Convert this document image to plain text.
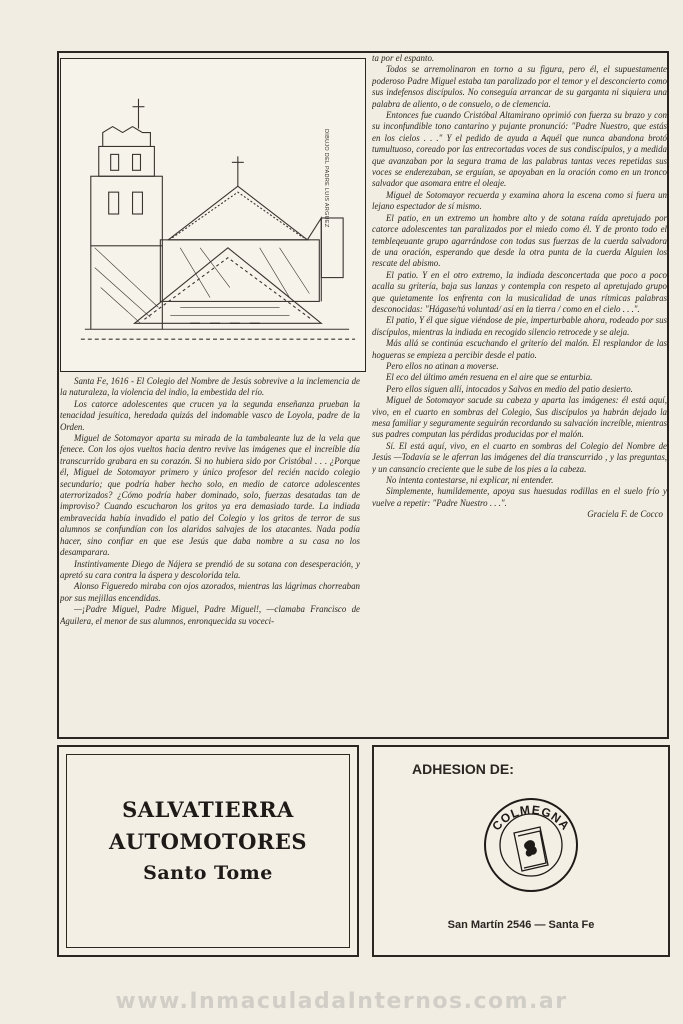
DIBUJO DEL PADRE LUIS ARGUEZ

Santa Fe, 1616 - El Colegio del Nombre de Jesús sobrevive a la inclemencia de la naturaleza, la violencia del indio, la embestida del río.

Los catorce adolescentes que crucen ya la segunda enseñanza prueban la tenacidad jesuítica, heredada quizás del indomable vasco de Loyola, padre de la Orden.

Miguel de Sotomayor aparta su mirada de la tambaleante luz de la vela que fenece. Con los ojos vueltos hacia dentro revive las imágenes que el increíble día transcurrido grabara en su corazón. Si no hubiera sido por Cristóbal . . . ¿Porque él, Miguel de Sotomayor primero y único profesor del recién nacido colegio secundario; que podría haber hecho solo, en medio de catorce adolescentes aterrorizados? ¿Cómo podría haber dominado, solo, fuerzas desatadas tan de improviso? Cuando escucharon los gritos ya era demasiado tarde. La indiada embravecida había invadido el patio del Colegio y los gritos de terror de sus alumnos se confundían con los alaridos salvajes de los atacantes. Nada podía hacer, sino confiar en que ese Jesús que daba nombre a su casa no los desamparara.

Instintivamente Diego de Nájera se prendió de su sotana con desesperación, y apretó su cara contra la áspera y descolorida tela.

Alonso Figueredo miraba con ojos azorados, mientras las lágrimas chorreaban por sus mejillas encendidas.

—¡Padre Miguel, Padre Miguel, Padre Miguel!, —clamaba Francisco de Aguilera, el menor de sus alumnos, enronquecida su voceci-

ta por el espanto.

Todos se arremolinaron en torno a su figura, pero él, el supuestamente poderoso Padre Miguel estaba tan paralizado por el temor y el desconcierto como sus indefensos discípulos. No conseguía arrancar de su garganta ni siquiera una palabra de aliento, o de consuelo, o de clemencia.

Entonces fue cuando Cristóbal Altamirano oprimió con fuerza su brazo y con su inconfundible tono cantarino y pujante pronunció: "Padre Nuestro, que estás en los cielos . . ." Y el pedido de ayuda a Aquél que nunca abandona brotó tumultuoso, coreado por las entrecortadas voces de sus condiscípulos, y a medida que avanzaban por la segura trama de las palabras tantas veces repetidas sus voces se enderezaban, se erguían, se apoyaban en la oración como en un tronco salvador que asomara entre el oleaje.

Miguel de Sotomayor recuerda y examina ahora la escena como si fuera un lejano espectador de sí mismo.

El patio, en un extremo un hombre alto y de sotana raída apretujado por catorce adolescentes tan paralizados por el miedo como él. Y de pronto todo el tembleqeuante grupo agarrándose con todas sus fuerzas de la cuerda salvadora de una oración, esperando que desde la otra punta de la cuerda Alguien los rescate del abismo.

El patio. Y en el otro extremo, la indiada desconcertada que poco a poco acalla su gritería, baja sus lanzas y contempla con respeto al apretujado grupo que quietamente los enfrenta con la musicalidad de unas rítmicas palabras desconocidas: "Hágase/tú voluntad/ así en la tierra / como en el cielo . . .".

El patio, Y él que sigue viéndose de pie, imperturbable ahora, rodeado por sus discípulos, mientras la indiada en recogido silencio retrocede y se aleja.

Más allá se continúa escuchando el griterío del malón. El resplandor de las hogueras se empieza a percibir desde el patio.

Pero ellos no atinan a moverse.

El eco del último amén resuena en el aire que se enturbia.

Pero ellos siguen allí, intocados y Salvos en medio del patio desierto.

Miguel de Sotomayor sacude su cabeza y aparta las imágenes: él está aquí, vivo, en el cuarto en sombras del Colegio, Sus discípulos ya habrán dejado la mesa familiar y seguramente seguirán recordando su salvación increíble, mientras sus padres computan las pérdidas producidas por el malón.

Sí. El está aquí, vivo, en el cuarto en sombras del Colegio del Nombre de Jesús —Todavía se le aferran las imágenes del día transcurrido , y las preguntas, y un cansancio creciente que le sube de los pies a la cabeza.

No intenta contestarse, ni explicar, ni entender.

Simplemente, humildemente, apoya sus huesudas rodillas en el suelo frío y vuelve a repetir: "Padre Nuestro . . .".

Graciela F. de Cocco

SALVATIERRA
AUTOMOTORES
Santo Tome
ADHESION DE:
COLMEGNA
San Martín 2546 — Santa Fe
www.InmaculadaInternos.com.ar
